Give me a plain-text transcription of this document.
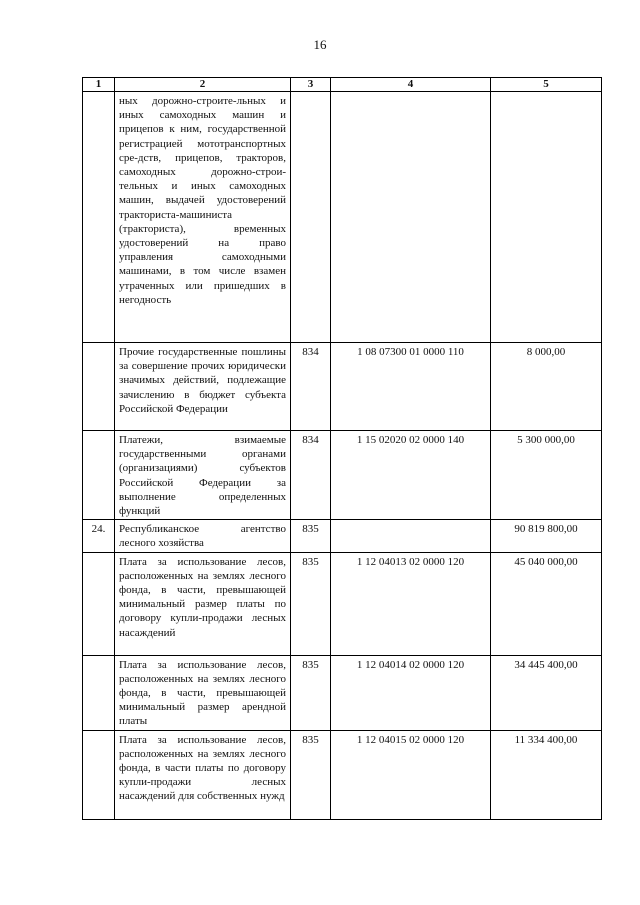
16
1	2	3	4	5
	ных дорожно-строите-льных и иных самоходных машин и прицепов к ним, государственной регистрацией мототранспортных сре-дств, прицепов, тракторов, самоходных дорожно-строи-тельных и иных самоходных машин, выдачей удостоверений тракториста-машиниста (тракториста), временных удостоверений на право управления самоходными машинами, в том числе взамен утраченных или пришедших в негодность			
	Прочие государственные пошлины за совершение прочих юридически значимых действий, подлежащие зачислению в бюджет субъекта Российской Федерации	834	1 08 07300 01 0000 110	8 000,00
	Платежи, взимаемые государственными органами (организациями) субъектов Российской Федерации за выполнение определенных функций	834	1 15 02020 02 0000 140	5 300 000,00
24.	Республиканское агентство лесного хозяйства	835		90 819 800,00
	Плата за использование лесов, расположенных на землях лесного фонда, в части, превышающей минимальный размер платы по договору купли-продажи лесных насаждений	835	1 12 04013 02 0000 120	45 040 000,00
	Плата за использование лесов, расположенных на землях лесного фонда, в части, превышающей минимальный размер арендной платы	835	1 12 04014 02 0000 120	34 445 400,00
	Плата за использование лесов, расположенных на землях лесного фонда, в части платы по договору купли-продажи лесных насаждений для собственных нужд	835	1 12 04015 02 0000 120	11 334 400,00
